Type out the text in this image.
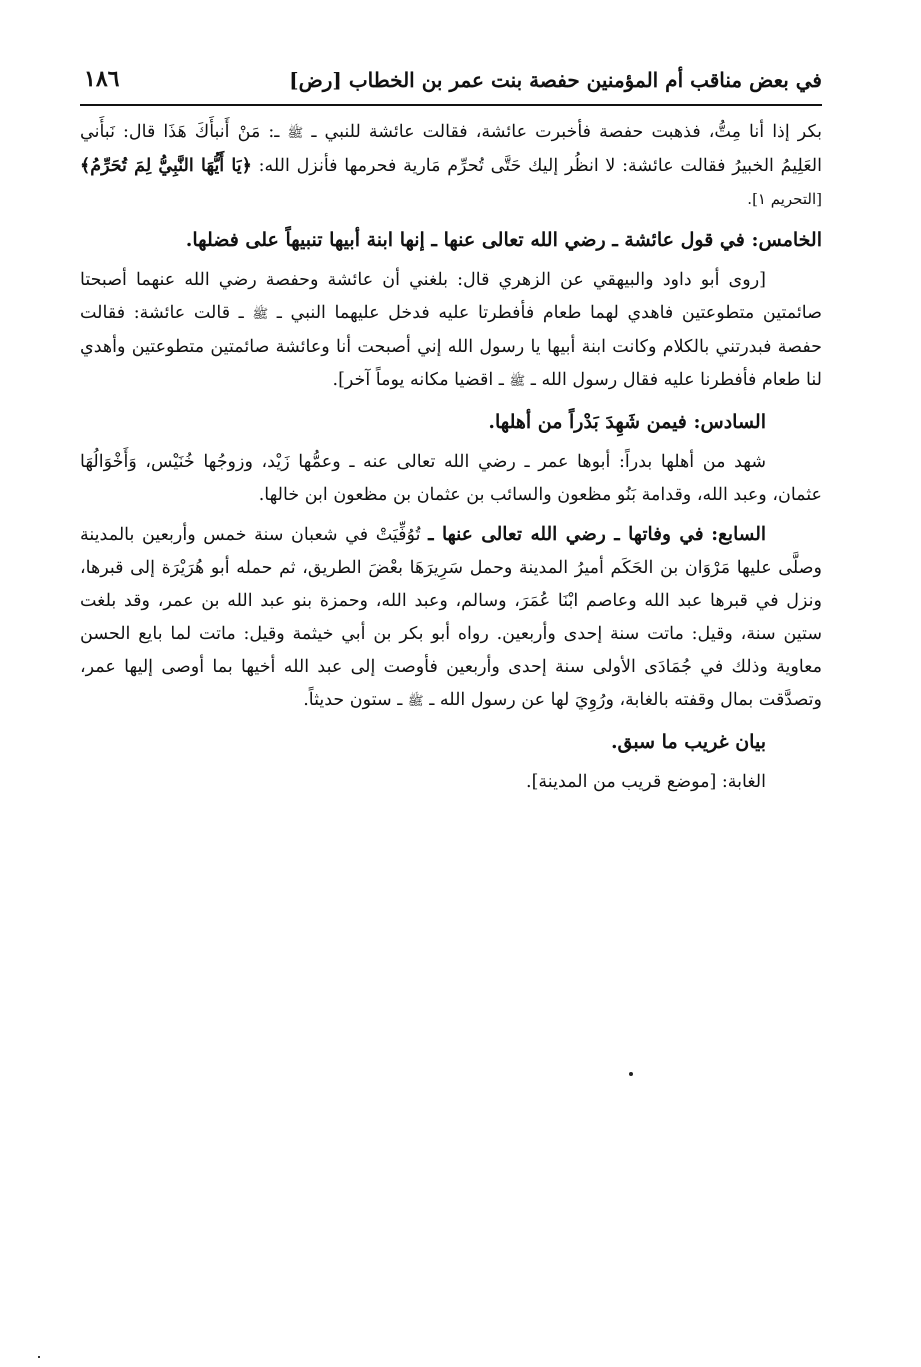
في بعض مناقب أم المؤمنين حفصة بنت عمر بن الخطاب [رض]
١٨٦

بكر إذا أنا مِتُّ، فذهبت حفصة فأخبرت عائشة، فقالت عائشة للنبي ـ ﷺ ـ: مَنْ أَنبأَكَ هَذَا قال: نَبأَني العَلِيمُ الخبيرُ فقالت عائشة: لا انظُر إليك حَتَّى تُحرِّم مَارية فحرمها فأنزل الله: ﴿يَا أَيُّهَا النَّبِيُّ لِمَ تُحَرِّمُ﴾ [التحريم ١].

الخامس: في قول عائشة ـ رضي الله تعالى عنها ـ إنها ابنة أبيها تنبيهاً على فضلها.

[روى أبو داود والبيهقي عن الزهري قال: بلغني أن عائشة وحفصة رضي الله عنهما أصبحتا صائمتين متطوعتين فاهدي لهما طعام فأفطرتا عليه فدخل عليهما النبي ـ ﷺ ـ قالت عائشة: فقالت حفصة فبدرتني بالكلام وكانت ابنة أبيها يا رسول الله إني أصبحت أنا وعائشة صائمتين متطوعتين وأهدي لنا طعام فأفطرنا عليه فقال رسول الله ـ ﷺ ـ اقضيا مكانه يوماً آخر].

السادس: فيمن شَهِدَ بَدْراً من أهلها.

شهد من أهلها بدراً: أبوها عمر ـ رضي الله تعالى عنه ـ وعمُّها زَيْد، وزوجُها خُنَيْس، وَأَخْوَالُهَا عثمان، وعبد الله، وقدامة بَنُو مظعون والسائب بن عثمان بن مظعون ابن خالها.

السابع: في وفاتها ـ رضي الله تعالى عنها ـ تُوُفِّيَتْ في شعبان سنة خمس وأربعين بالمدينة وصلَّى عليها مَرْوَان بن الحَكَم أميرُ المدينة وحمل سَرِيرَهَا بعْضَ الطريق، ثم حمله أبو هُرَيْرَة إلى قبرها، ونزل في قبرها عبد الله وعاصم ابْنَا عُمَرَ، وسالم، وعبد الله، وحمزة بنو عبد الله بن عمر، وقد بلغت ستين سنة، وقيل: ماتت سنة إحدى وأربعين. رواه أبو بكر بن أبي خيثمة وقيل: ماتت لما بايع الحسن معاوية وذلك في جُمَادَى الأولى سنة إحدى وأربعين فأوصت إلى عبد الله أخيها بما أوصى إليها عمر، وتصدَّقت بمال وقفته بالغابة، ورُوِيَ لها عن رسول الله ـ ﷺ ـ ستون حديثاً.

بيان غريب ما سبق.

الغابة: [موضع قريب من المدينة].
